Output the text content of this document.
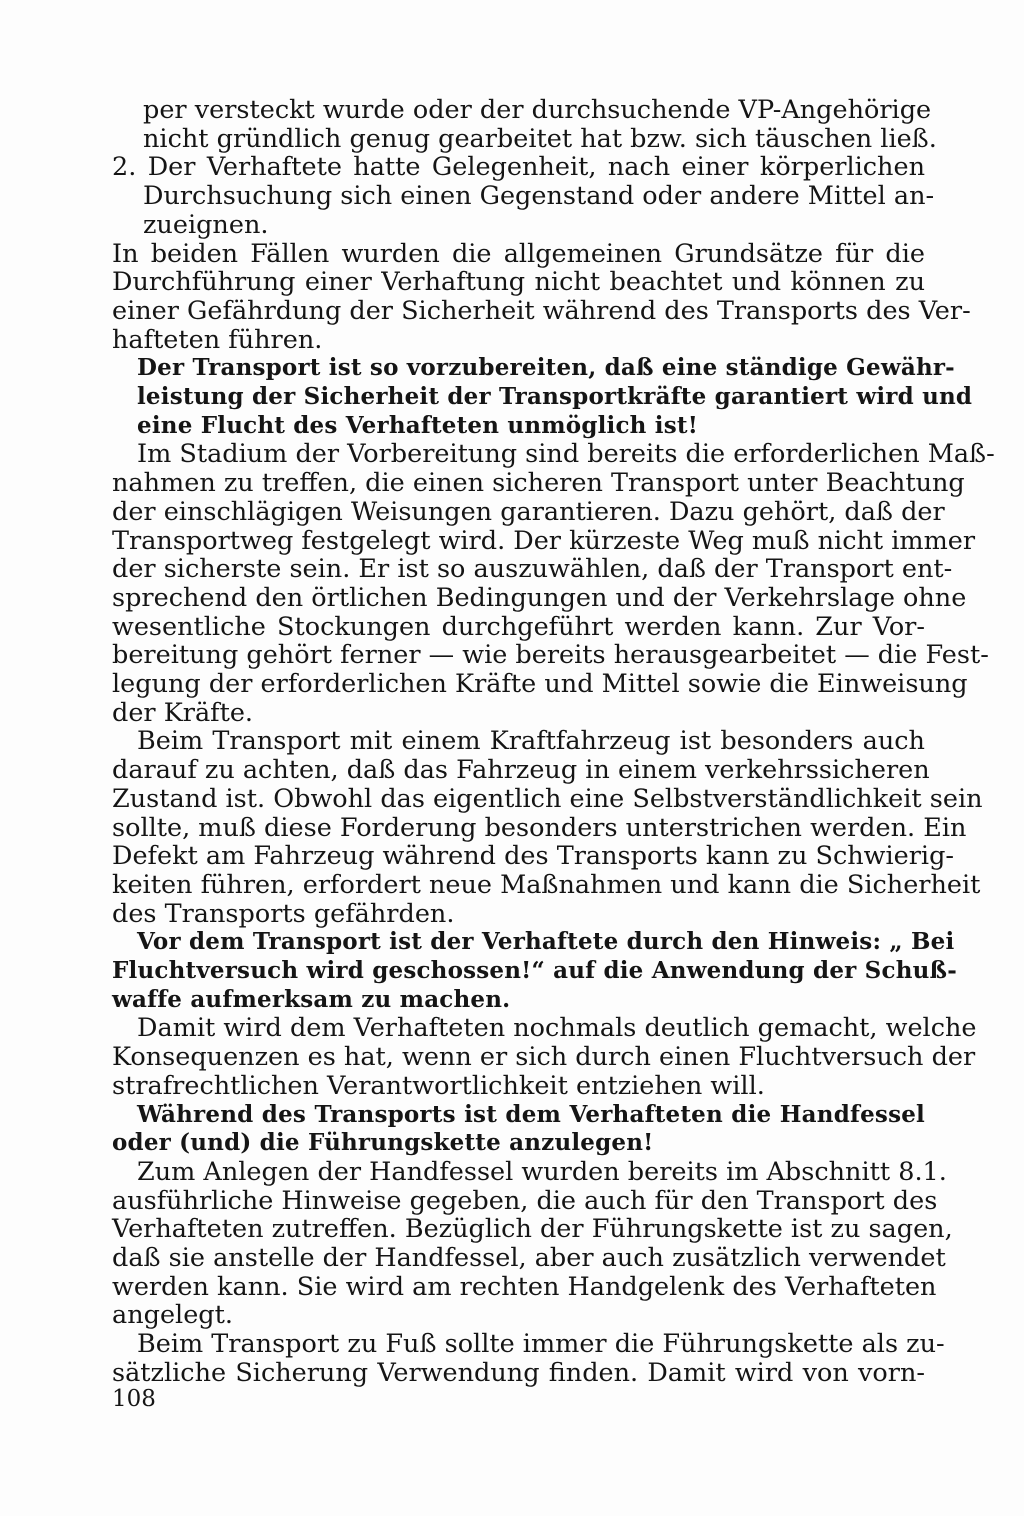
per versteckt wurde oder der durchsuchende VP-Angehörige
nicht gründlich genug gearbeitet hat bzw. sich täuschen ließ.
2. Der Verhaftete hatte Gelegenheit, nach einer körperlichen
Durchsuchung sich einen Gegenstand oder andere Mittel an-
zueignen.
In beiden Fällen wurden die allgemeinen Grundsätze für die
Durchführung einer Verhaftung nicht beachtet und können zu
einer Gefährdung der Sicherheit während des Transports des Ver-
hafteten führen.
Der Transport ist so vorzubereiten, daß eine ständige Gewähr-
leistung der Sicherheit der Transportkräfte garantiert wird und
eine Flucht des Verhafteten unmöglich ist!
Im Stadium der Vorbereitung sind bereits die erforderlichen Maß-
nahmen zu treffen, die einen sicheren Transport unter Beachtung
der einschlägigen Weisungen garantieren. Dazu gehört, daß der
Transportweg festgelegt wird. Der kürzeste Weg muß nicht immer
der sicherste sein. Er ist so auszuwählen, daß der Transport ent-
sprechend den örtlichen Bedingungen und der Verkehrslage ohne
wesentliche Stockungen durchgeführt werden kann. Zur Vor-
bereitung gehört ferner — wie bereits herausgearbeitet — die Fest-
legung der erforderlichen Kräfte und Mittel sowie die Einweisung
der Kräfte.
Beim Transport mit einem Kraftfahrzeug ist besonders auch
darauf zu achten, daß das Fahrzeug in einem verkehrssicheren
Zustand ist. Obwohl das eigentlich eine Selbstverständlichkeit sein
sollte, muß diese Forderung besonders unterstrichen werden. Ein
Defekt am Fahrzeug während des Transports kann zu Schwierig-
keiten führen, erfordert neue Maßnahmen und kann die Sicherheit
des Transports gefährden.
Vor dem Transport ist der Verhaftete durch den Hinweis: „ Bei
Fluchtversuch wird geschossen!“ auf die Anwendung der Schuß-
waffe aufmerksam zu machen.
Damit wird dem Verhafteten nochmals deutlich gemacht, welche
Konsequenzen es hat, wenn er sich durch einen Fluchtversuch der
strafrechtlichen Verantwortlichkeit entziehen will.
Während des Transports ist dem Verhafteten die Handfessel
oder (und) die Führungskette anzulegen!
Zum Anlegen der Handfessel wurden bereits im Abschnitt 8.1.
ausführliche Hinweise gegeben, die auch für den Transport des
Verhafteten zutreffen. Bezüglich der Führungskette ist zu sagen,
daß sie anstelle der Handfessel, aber auch zusätzlich verwendet
werden kann. Sie wird am rechten Handgelenk des Verhafteten
angelegt.
Beim Transport zu Fuß sollte immer die Führungskette als zu-
sätzliche Sicherung Verwendung finden. Damit wird von vorn-
108
